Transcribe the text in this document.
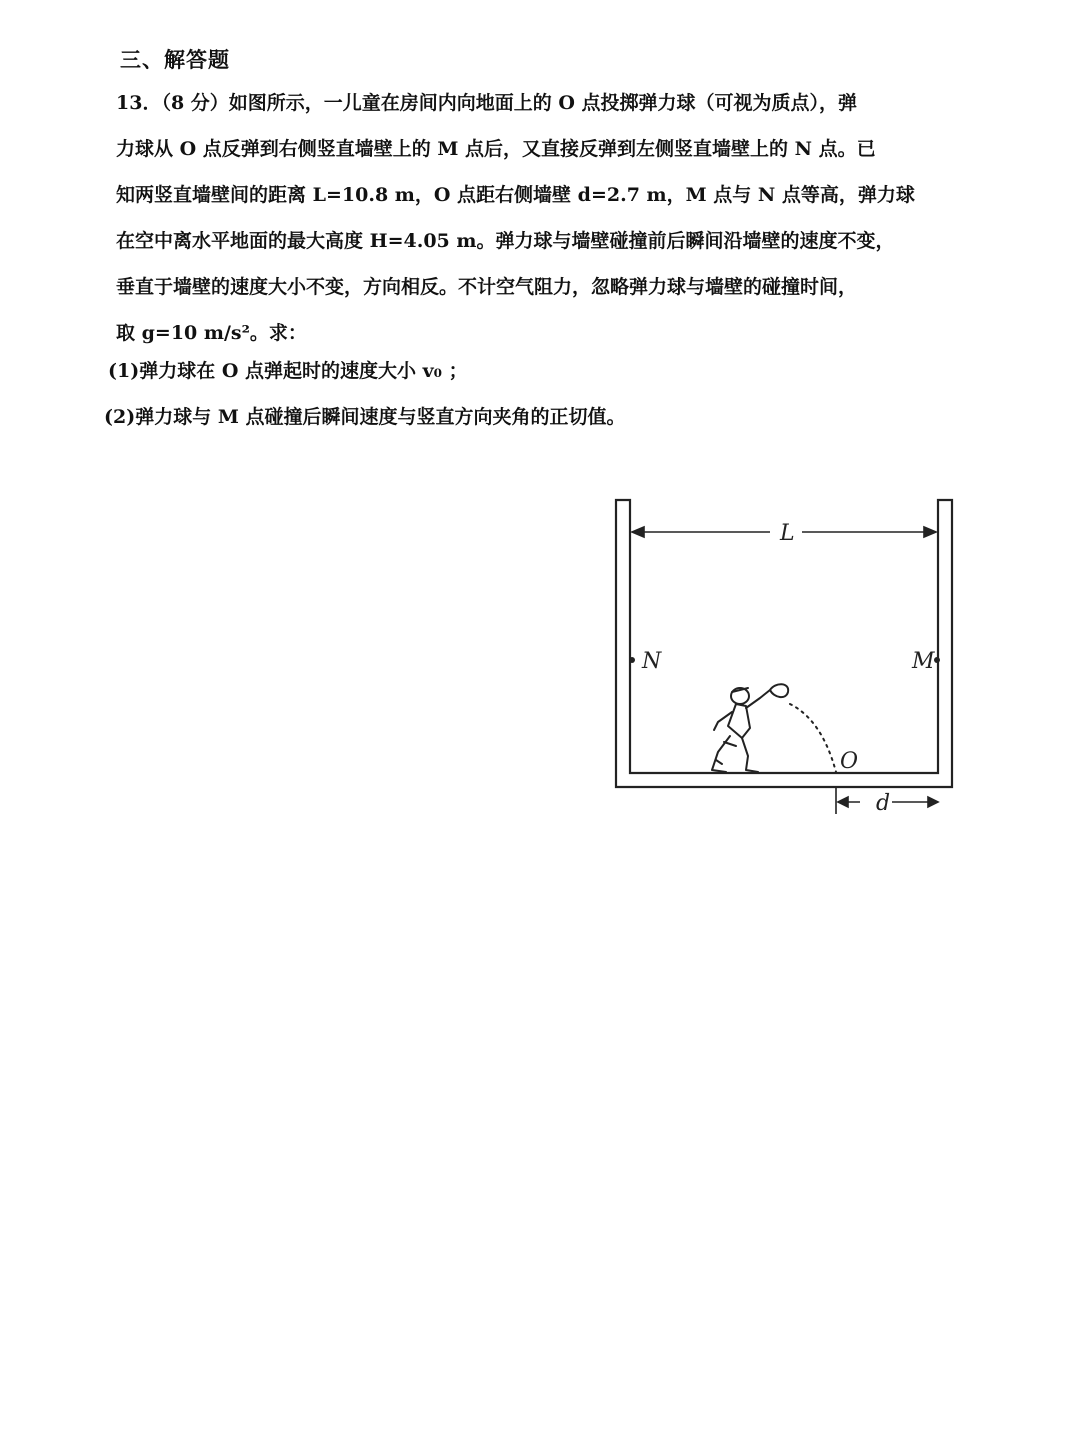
三、解答题
13．（8 分）如图所示，一儿童在房间内向地面上的 O 点投掷弹力球（可视为质点），弹
力球从 O 点反弹到右侧竖直墙壁上的 M 点后，又直接反弹到左侧竖直墙壁上的 N 点。已
知两竖直墙壁间的距离 L=10.8 m，O 点距右侧墙壁 d=2.7 m，M 点与 N 点等高，弹力球
在空中离水平地面的最大高度 H=4.05 m。弹力球与墙壁碰撞前后瞬间沿墙壁的速度不变，
垂直于墙壁的速度大小不变，方向相反。不计空气阻力，忽略弹力球与墙壁的碰撞时间，
取 g=10 m/s²。求：
(1)弹力球在 O 点弹起时的速度大小 v₀ ；
(2)弹力球与 M 点碰撞后瞬间速度与竖直方向夹角的正切值。
L
N	M
O
d
